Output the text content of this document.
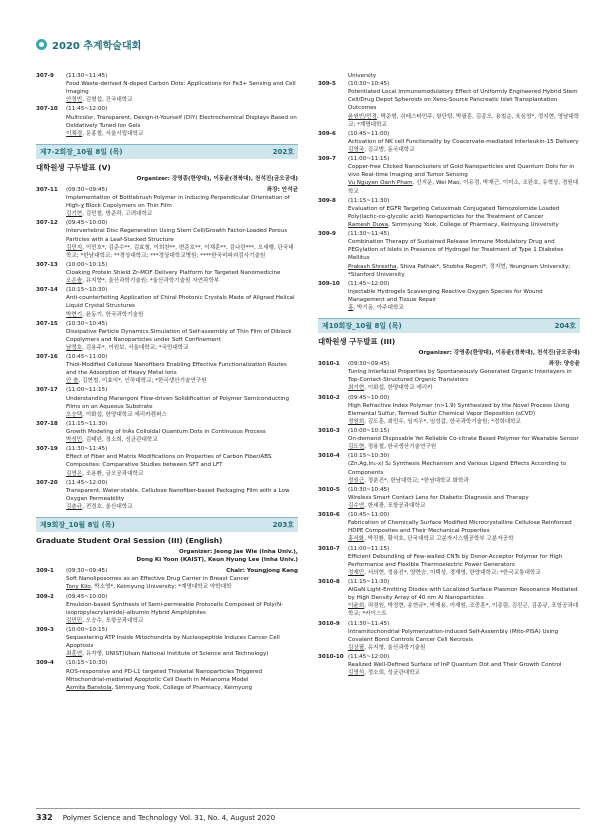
2020 추계학술대회
307-9	(11:30~11:45)
Food Waste-derived N-doped Carbon Dots: Applications for Fe3+ Sensing and Cell Imaging
안정빈, 김형섭, 건국대학교
307-10	(11:45~12:00)
Multicolor, Transparent, Design-it-Yourself (DIY) Electrochemical Displays Based on Oxidatively Tuned Ion Gels
이채경, 문홍철, 서울시립대학교
제7-2회장_10월 8일 (목)	202호
대학원생 구두발표 (V)
Organizer: 강영종(한양대), 이동윤(경북대), 천석진(금오공대)
307-11	(09:30~09:45)	좌장: 안석균
Implementation of Bottlebrush Polymer in Inducing Perpendicular Orientation of High-χ Block Copolymers on Thin Film
김기현, 김민철, 방준하, 고려대학교
307-12	(09:45~10:00)
Intervertebral Disc Regeneration Using Stem Cell/Growth Factor-Loaded Porous Particles with a Leaf-Stacked Structure
김민지, 이민호*, 김준수**, 김효철, 이희찬**, 변준호**, 이재훈**, 김나란***, 오세행, 단국대학교; *한남대학교; **경상대학교; ***경상대학교병원; ****한국비파괴검사기술원
307-13	(10:00~10:15)
Cloaking Protein Shield Zr-MOF Delivery Platform for Targeted Nanomedicine
오은솔, 유지향*, 울산과학기술원; *울산과학기술원 자연과학부
307-14	(10:15~10:30)
Anti-counterfeiting Application of Chiral Photonic Crystals Made of Aligned Helical Liquid Crystal Structures
박현기, 윤동기, 한국과학기술원
307-15	(10:30~10:45)
Dissipative Particle Dynamics Simulation of Self-assembly of Thin Film of Diblock Copolymers and Nanoparticles under Soft Confinement
남정호, 김용주*, 이원보, 서울대학교; *국민대학교
307-16	(10:45~11:00)
Thiol-Modified Cellulose Nanofibers Enabling Effective Functionalization Routes and the Adsorption of Heavy Metal Ions
안 솔, 김현철, 이효익*, 인하대학교; *한국생산기술연구원
307-17	(11:00~11:15)
Understanding Marangoni Flow-driven Solidification of Polymer Semiconducting Films on an Aqueous Substrate
오승택, 이화섭, 한양대학교 에리카캠퍼스
307-18	(11:15~11:30)
Growth Modeling of InAs Colloidal Quantum Dots in Continuous Process
박성민, 김태완, 정소희, 성균관대학교
307-19	(11:30~11:45)
Effect of Fiber and Matrix Modifications on Properties of Carbon Fiber/ABS Composites: Comparative Studies between SFT and LFT
김영은, 조용환, 금오공과대학교
307-20	(11:45~12:00)
Transparent, Water-stable, Cellulose Nanofiber-based Packaging Film with a Low Oxygen Permeability
김춘규, 전정호, 울산대학교
제9회장_10월 8일 (목)	203호
Graduate Student Oral Session (III) (English)
Organizer: Jeong Jae Wie (Inha Univ.),
Dong Ki Yoon (KAIST), Keun Hyung Lee (Inha Univ.)
309-1	(09:30~09:45)	Chair: Youngjong Kang
Soft Nanoliposomes as an Effective Drug Carrier in Breast Cancer
Tony Kiio, 박소영*, Keimyung University; *계명대학교 약학대학
309-2	(09:45~10:00)
Emulsion-based Synthesis of Semi-permeable Protocells Composed of Poly(N-isopropylacrylamide)-albumin Hybrid Amphiphiles
김민민, 오승수, 포항공과대학교
309-3	(10:00~10:15)
Sequestering ATP Inside Mitochondria by Nucleopeptide Induces Cancer Cell Apoptosis
최훈연, 유자형, UNIST(Ulsan National Institute of Science and Technology)
309-4	(10:15~10:30)
ROS-responsive and PD-L1 targeted Thioketal Nanoparticles Triggered Mitochondrial-mediated Apoptotic Cell Death in Melanoma Model
Asmita Banstola, Simmyung Yook, College of Pharmacy, Keimyung
University
309-5	(10:30~10:45)
Potentiated Local Immunomodulatory Effect of Uniformly Engineered Hybrid Stem Cell/Drug Depot Spheroids on Xeno-Source Pancreatic Islet Transplantation Outcomes
윤원빈/민경, 박준형, 쉬레스타민주, 왕단텅, 박필훈, 김종오, 용철순, 육심영*, 정지현, 영남대학교; *계명대학교
309-6	(10:45~11:00)
Activation of NK cell Functionality by Coacervate-mediated Interleukin-15 Delivery
김영국, 김교범, 동국대학교
309-7	(11:00~11:15)
Copper-free Clicked Nanoclusters of Gold Nanoparticles and Quantum Dots for in vivo Real-time Imaging and Tumor Sensing
Vu Nguyen Oanh Pham, 신지운, Wei Mao, 이유정, 박재근, 이미소, 조완호, 유혁상, 경원대학교
309-8	(11:15~11:30)
Evaluation of EGFR Targeting Cetuximab Conjugated Temozolomide Loaded Poly(lactic-co-glycolic acid) Nanoparticles for the Treatment of Cancer
Ramesh Duwa, Simmyung Yook, College of Pharmacy, Keimyung University
309-9	(11:30~11:45)
Combination Therapy of Sustained Release Immune Modulatory Drug and PEGylation of Islets in Presence of Hydrogel for Treatment of Type 1 Diabetes Mellitus
Prakash Shrestha, Shiva Pathak*, Shobha Regmi*, 정지현, Yeungnam University; *Stanford University
309-10	(11:45~12:00)
Injectable Hydrogels Scavenging Reactive Oxygen Species for Wound Management and Tissue Repair
홍, 박기동, 아주대학교
제10회장_10월 8일 (목)	204호
대학원생 구두발표 (III)
Organizer: 강영종(한양대), 이동윤(경북대), 천석진(금오공대)
3010-1	(09:30~09:45)	좌장: 양승윤
Tuning Interfacial Properties by Spontaneously Generated Organic Interlayers in Top-Contact-Structured Organic Transistors
최기현, 이화섭, 한양대학교 에리카
3010-2	(09:45~10:00)
High Refractive Index Polymer (n>1.9) Synthesized by the Novel Process Using Elemental Sulfur, Termed Sulfur Chemical Vapor Deposition (sCVD)
경원희, 김도훈, 최민우, 임지우*, 임성갑, 한국과학기술원; *경희대학교
3010-3	(10:00~10:15)
On-demand Disposable Yet Reliable Co-citrate Based Polymer for Wearable Sensor
김도현, 정용철, 한국생산기술연구원
3010-4	(10:15~10:30)
(Zn,Ag,In₁-x) S₂ Synthesis Mechanism and Various Ligand Effects According to Components
정원근, 정춘진*, 한남대학교; *한남대학교 화학과
3010-5	(10:30~10:45)
Wireless Smart Contact Lens for Diabetic Diagnosis and Therapy
김수연, 한세광, 포항공과대학교
3010-6	(10:45~11:00)
Fabrication of Chemically Surface Modified Microcrystalline Cellulose Reinforced HDPE Composites and Their Mechanical Properties
홍서화, 박진환, 황석호, 단국대학교 고분자시스템공학부 고분자공학
3010-7	(11:00~11:15)
Efficient Debundling of Few-walled CNTs by Donor-Acceptor Polymer for High Performance and Flexible Thermoelectric Power Generators
정재민, 서의현, 정용진*, 양현승, 이택성, 경재영, 한양대학교; *한국교통대학교
3010-8	(11:15~11:30)
AlGaN Light-Emitting Diodes with Localized Surface Plasmon Resonance Mediated by High Density Array of 40 nm Al Nanoparticles
이윤희, 허경원, 박정현, 송현규*, 박재용, 이재원, 조중훈*, 이종림, 김진곤, 김종규, 포항공과대학교; *카이스트
3010-9	(11:30~11:45)
Intramitochondrial Polymerization-induced Self-Assembly (Mito-PISA) Using Covalent Bond Controls Cancer Cell Necrosis
김상필, 유지형, 울산과학기술원
3010-10 (11:45~12:00)
Realized Well-Defined Surface of InP Quantum Dot and Their Growth Control
김영석, 정소희, 성균관대학교
332 Polymer Science and Technology Vol. 31, No. 4, August 2020
